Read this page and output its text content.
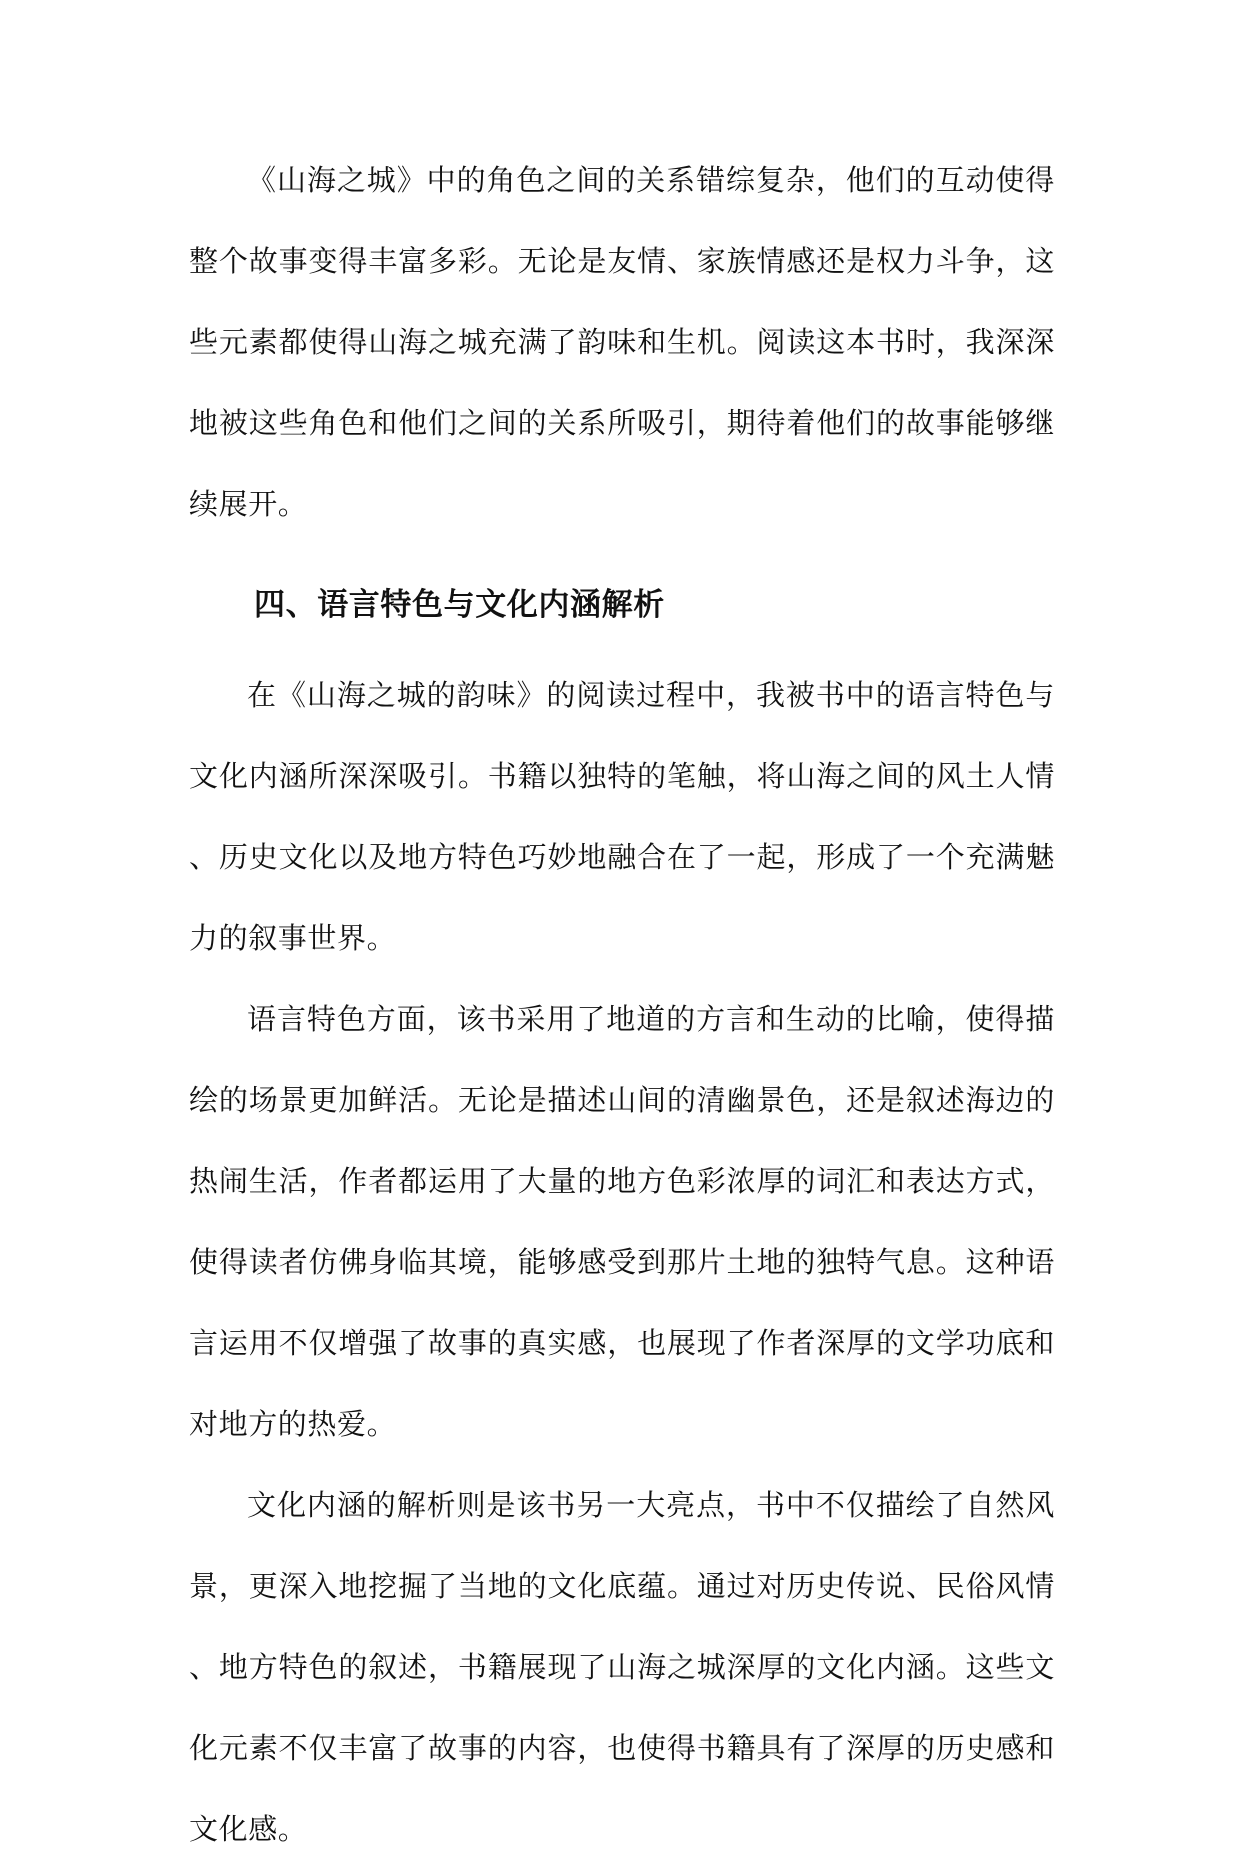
《山海之城》中的角色之间的关系错综复杂，他们的互动使得整个故事变得丰富多彩。无论是友情、家族情感还是权力斗争，这些元素都使得山海之城充满了韵味和生机。阅读这本书时，我深深地被这些角色和他们之间的关系所吸引，期待着他们的故事能够继续展开。

四、语言特色与文化内涵解析

在《山海之城的韵味》的阅读过程中，我被书中的语言特色与文化内涵所深深吸引。书籍以独特的笔触，将山海之间的风土人情、历史文化以及地方特色巧妙地融合在了一起，形成了一个充满魅力的叙事世界。

语言特色方面，该书采用了地道的方言和生动的比喻，使得描绘的场景更加鲜活。无论是描述山间的清幽景色，还是叙述海边的热闹生活，作者都运用了大量的地方色彩浓厚的词汇和表达方式，使得读者仿佛身临其境，能够感受到那片土地的独特气息。这种语言运用不仅增强了故事的真实感，也展现了作者深厚的文学功底和对地方的热爱。

文化内涵的解析则是该书另一大亮点，书中不仅描绘了自然风景，更深入地挖掘了当地的文化底蕴。通过对历史传说、民俗风情、地方特色的叙述，书籍展现了山海之城深厚的文化内涵。这些文化元素不仅丰富了故事的内容，也使得书籍具有了深厚的历史感和文化感。
